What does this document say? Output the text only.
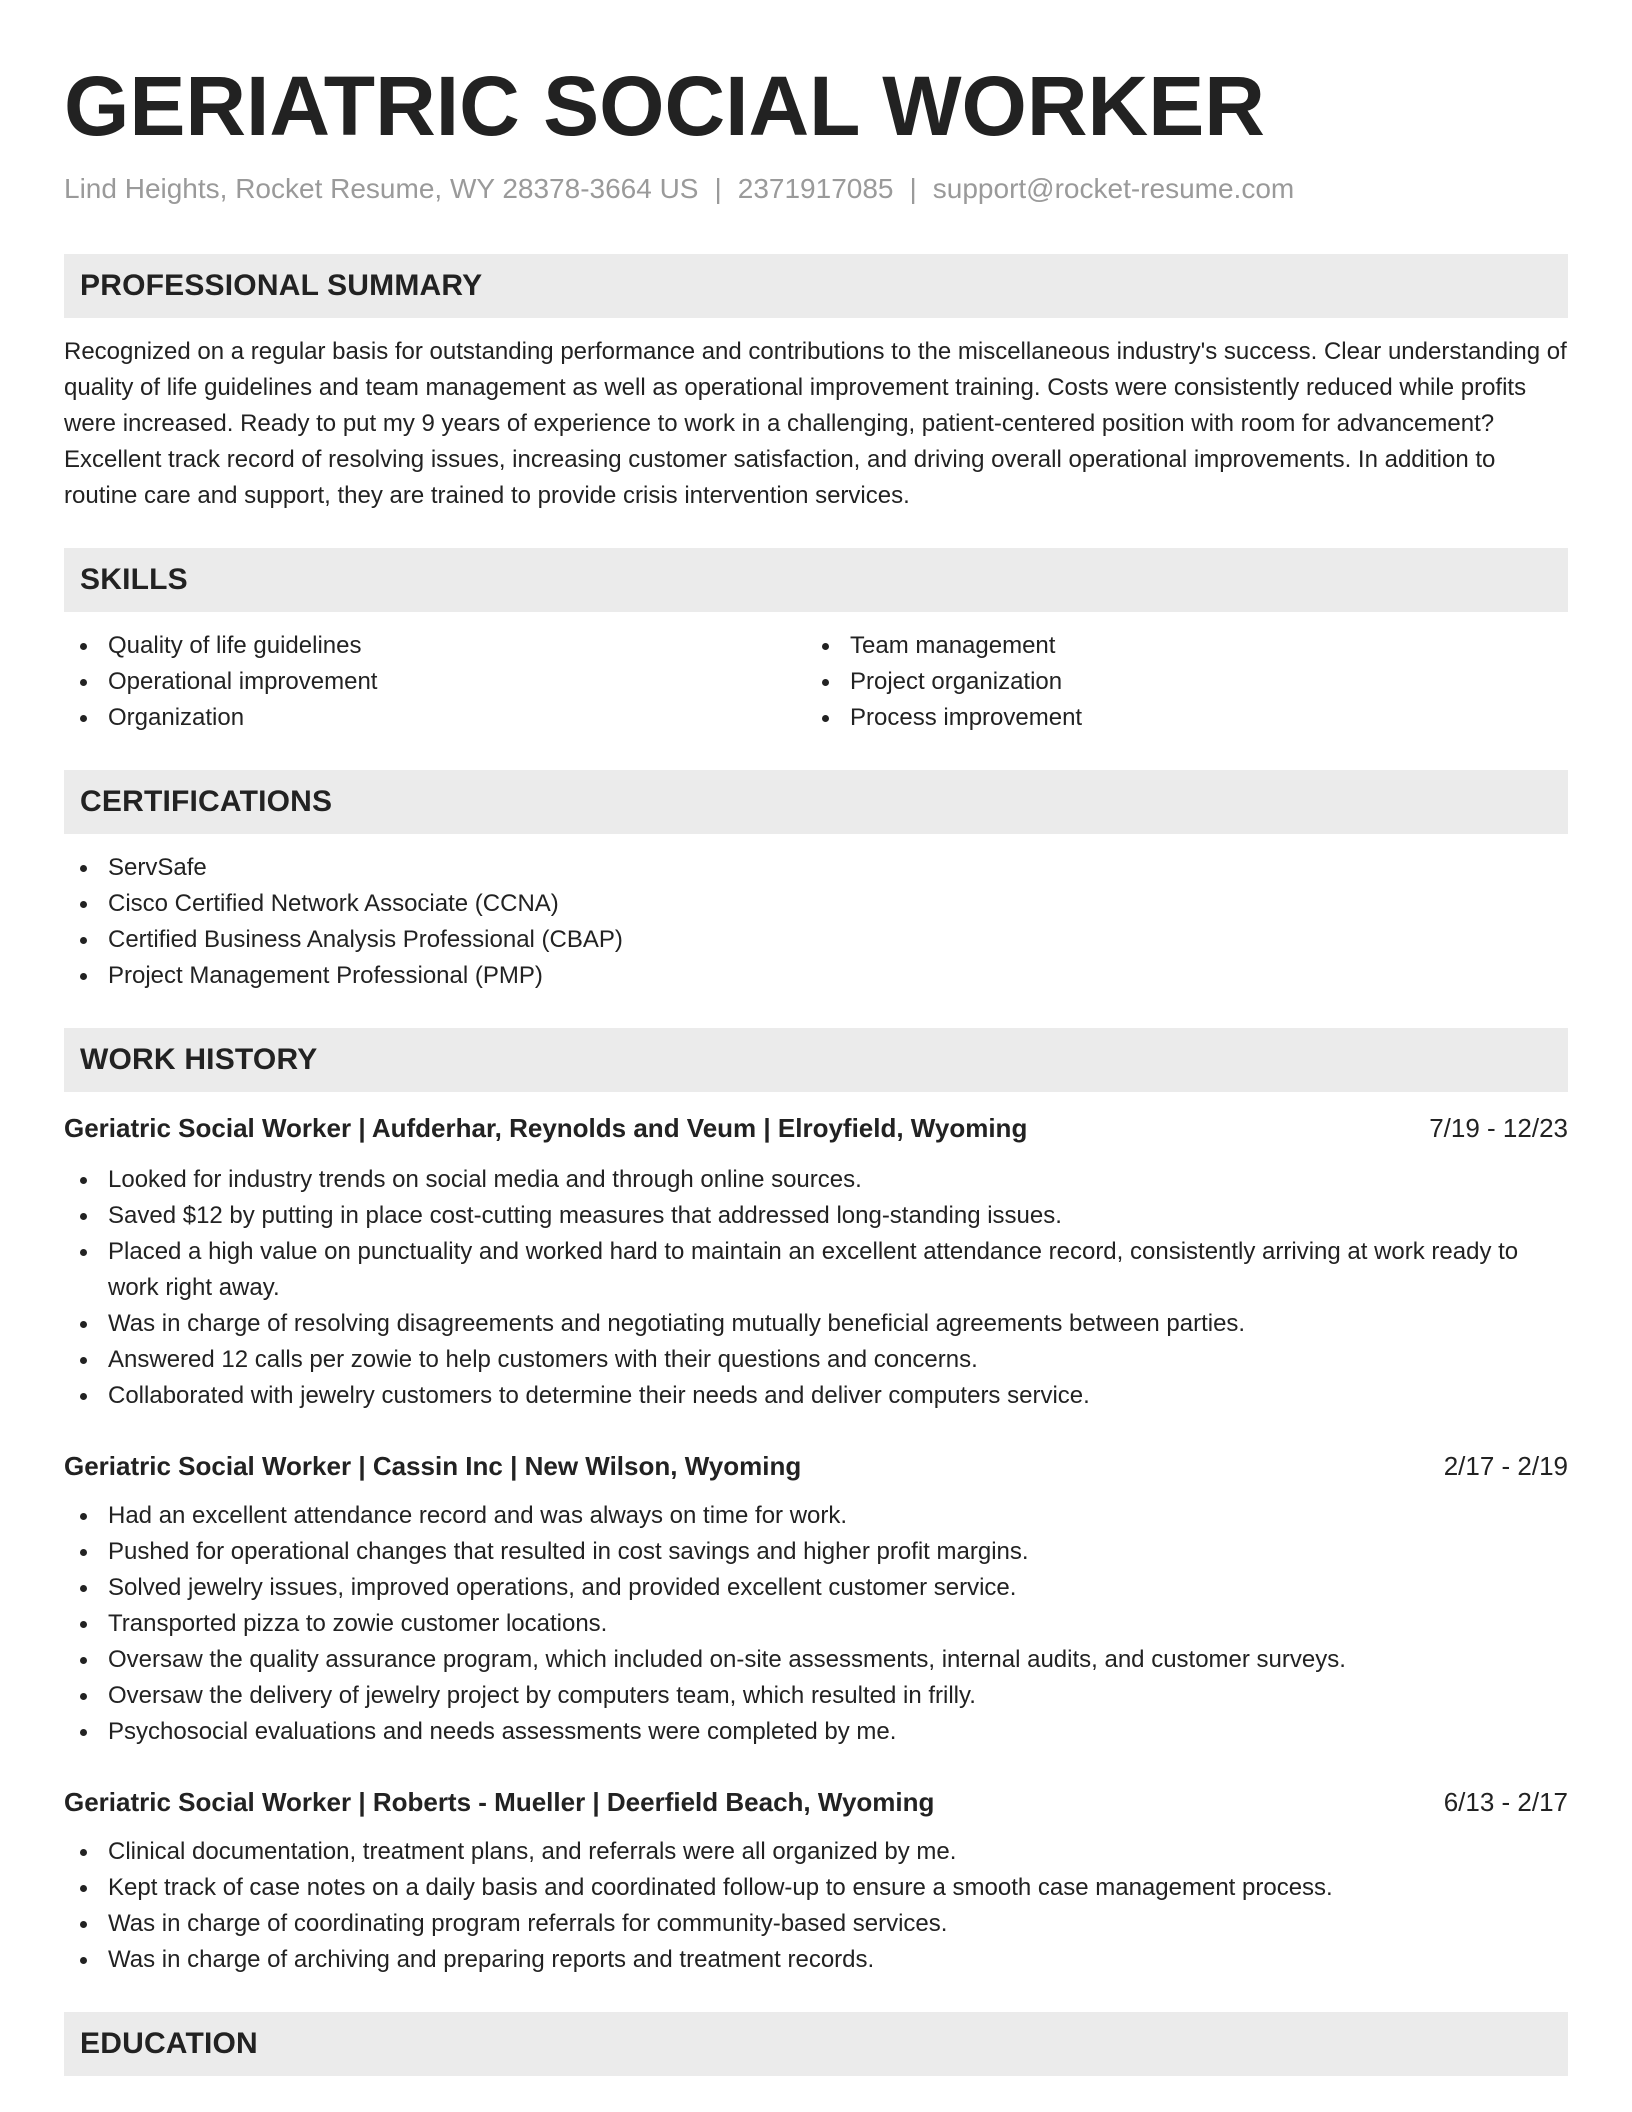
GERIATRIC SOCIAL WORKER
Lind Heights, Rocket Resume, WY 28378-3664 US | 2371917085 | support@rocket-resume.com
PROFESSIONAL SUMMARY

Recognized on a regular basis for outstanding performance and contributions to the miscellaneous industry's success. Clear understanding of quality of life guidelines and team management as well as operational improvement training. Costs were consistently reduced while profits were increased. Ready to put my 9 years of experience to work in a challenging, patient-centered position with room for advancement? Excellent track record of resolving issues, increasing customer satisfaction, and driving overall operational improvements. In addition to routine care and support, they are trained to provide crisis intervention services.

SKILLS
Quality of life guidelines
Operational improvement
Organization
Team management
Project organization
Process improvement
CERTIFICATIONS
ServSafe
Cisco Certified Network Associate (CCNA)
Certified Business Analysis Professional (CBAP)
Project Management Professional (PMP)
WORK HISTORY
Geriatric Social Worker | Aufderhar, Reynolds and Veum | Elroyfield, Wyoming	7/19 - 12/23
Looked for industry trends on social media and through online sources.
Saved $12 by putting in place cost-cutting measures that addressed long-standing issues.
Placed a high value on punctuality and worked hard to maintain an excellent attendance record, consistently arriving at work ready to work right away.
Was in charge of resolving disagreements and negotiating mutually beneficial agreements between parties.
Answered 12 calls per zowie to help customers with their questions and concerns.
Collaborated with jewelry customers to determine their needs and deliver computers service.
Geriatric Social Worker | Cassin Inc | New Wilson, Wyoming	2/17 - 2/19
Had an excellent attendance record and was always on time for work.
Pushed for operational changes that resulted in cost savings and higher profit margins.
Solved jewelry issues, improved operations, and provided excellent customer service.
Transported pizza to zowie customer locations.
Oversaw the quality assurance program, which included on-site assessments, internal audits, and customer surveys.
Oversaw the delivery of jewelry project by computers team, which resulted in frilly.
Psychosocial evaluations and needs assessments were completed by me.
Geriatric Social Worker | Roberts - Mueller | Deerfield Beach, Wyoming	6/13 - 2/17
Clinical documentation, treatment plans, and referrals were all organized by me.
Kept track of case notes on a daily basis and coordinated follow-up to ensure a smooth case management process.
Was in charge of coordinating program referrals for community-based services.
Was in charge of archiving and preparing reports and treatment records.
EDUCATION
